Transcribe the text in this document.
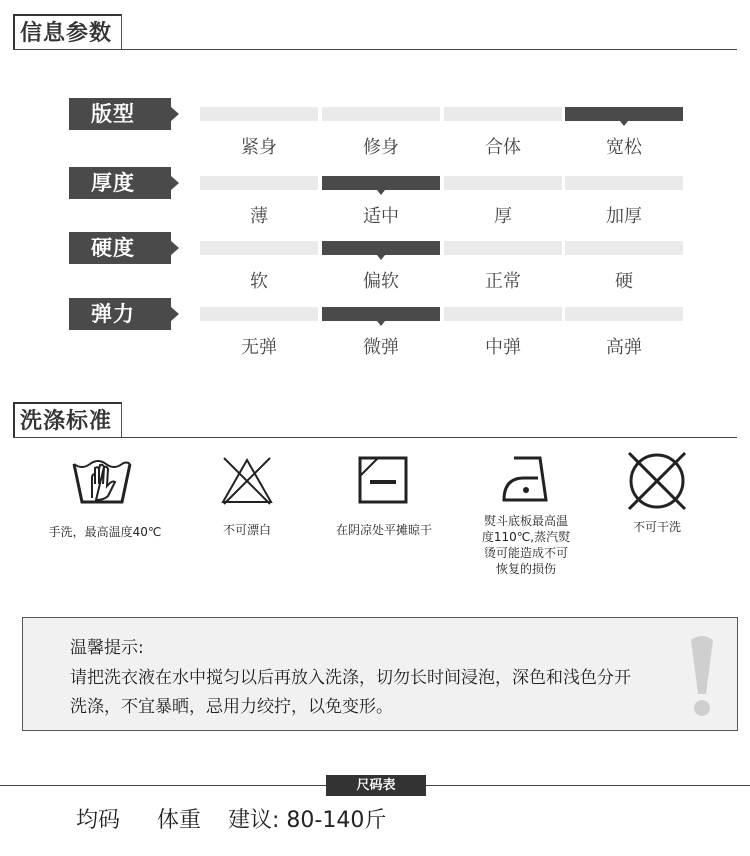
信息参数
版型
紧身	修身	合体	宽松
厚度
薄	适中	厚	加厚
硬度
软	偏软	正常	硬
弹力
无弹	微弹	中弹	高弹
洗涤标准
手洗，最高温度40℃	不可漂白	在阴凉处平摊晾干
熨斗底板最高温
度110℃,蒸汽熨
烫可能造成不可
恢复的损伤
不可干洗
温馨提示:
请把洗衣液在水中搅匀以后再放入洗涤，切勿长时间浸泡，深色和浅色分开
洗涤，不宜暴晒，忌用力绞拧，以免变形。
尺码表
均码 体重 建议: 80-140斤
